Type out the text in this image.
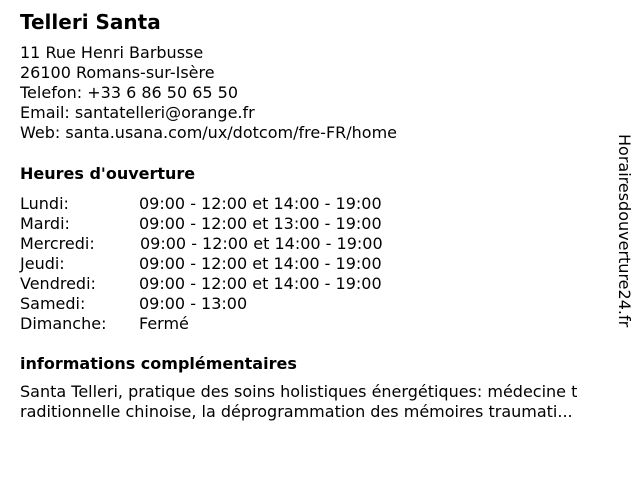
Telleri Santa
11 Rue Henri Barbusse
26100 Romans-sur-Isère
Telefon: +33 6 86 50 65 50
Email: santatelleri@orange.fr
Web: santa.usana.com/ux/dotcom/fre-FR/home
Heures d'ouverture
Lundi:	09:00 - 12:00 et 14:00 - 19:00
Mardi:	09:00 - 12:00 et 13:00 - 19:00
Mercredi:	09:00 - 12:00 et 14:00 - 19:00
Jeudi:	09:00 - 12:00 et 14:00 - 19:00
Vendredi:	09:00 - 12:00 et 14:00 - 19:00
Samedi:	09:00 - 13:00
Dimanche: Fermé
informations complémentaires
Santa Telleri, pratique des soins holistiques énergétiques: médecine t
raditionnelle chinoise, la déprogrammation des mémoires traumati...
Horairesdouverture24.fr
